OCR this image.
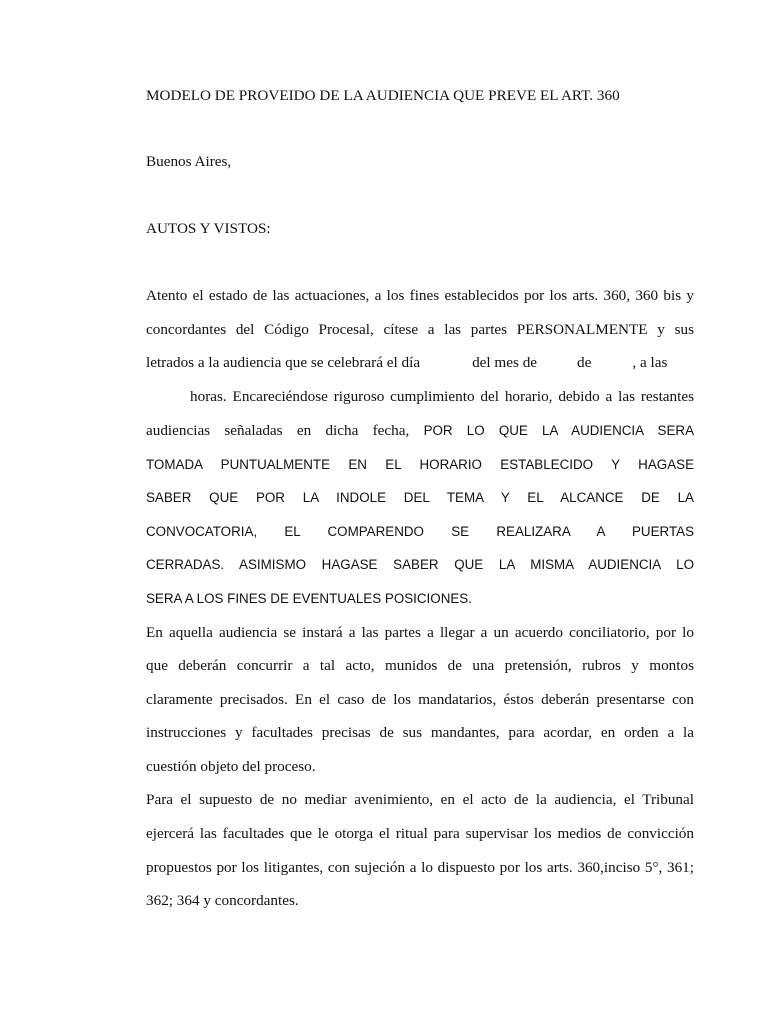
MODELO DE PROVEIDO DE LA AUDIENCIA QUE PREVE EL ART. 360
Buenos Aires,
AUTOS Y VISTOS:
Atento el estado de las actuaciones, a los fines establecidos por los arts. 360, 360 bis y
concordantes del Código Procesal, cítese a las partes PERSONALMENTE y sus
letrados a la audiencia que se celebrará el día	del mes de	de	, a las
horas. Encareciéndose riguroso cumplimiento del horario, debido a las restantes
audiencias señaladas en dicha fecha, POR LO QUE LA AUDIENCIA SERA
TOMADA PUNTUALMENTE EN EL HORARIO ESTABLECIDO Y HAGASE
SABER QUE POR LA INDOLE DEL TEMA Y EL ALCANCE DE LA
CONVOCATORIA, EL COMPARENDO SE REALIZARA A PUERTAS
CERRADAS. ASIMISMO HAGASE SABER QUE LA MISMA AUDIENCIA LO
SERA A LOS FINES DE EVENTUALES POSICIONES.
En aquella audiencia se instará a las partes a llegar a un acuerdo conciliatorio, por lo
que deberán concurrir a tal acto, munidos de una pretensión, rubros y montos
claramente precisados. En el caso de los mandatarios, éstos deberán presentarse con
instrucciones y facultades precisas de sus mandantes, para acordar, en orden a la
cuestión objeto del proceso.
Para el supuesto de no mediar avenimiento, en el acto de la audiencia, el Tribunal
ejercerá las facultades que le otorga el ritual para supervisar los medios de convicción
propuestos por los litigantes, con sujeción a lo dispuesto por los arts. 360,inciso 5°, 361;
362; 364 y concordantes.
